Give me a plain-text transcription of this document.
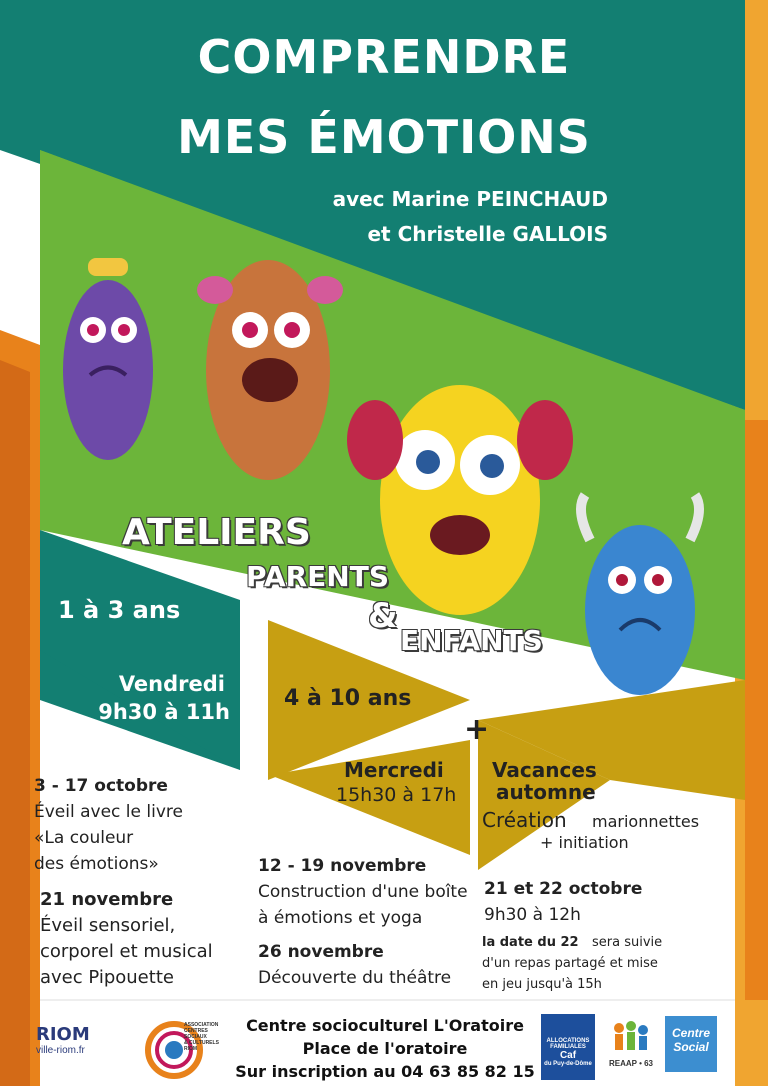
COMPRENDRE
MES ÉMOTIONS
avec Marine PEINCHAUD
et Christelle GALLOIS
ATELIERS
PARENTS
&
ENFANTS
1 à 3 ans
Vendredi
9h30 à 11h
3 - 17 octobre
Éveil avec le livre
«La couleur
des émotions»
21 novembre
Éveil sensoriel,
corporel et musical
avec Pipouette
4 à 10 ans
+
Mercredi
15h30 à 17h
12 - 19 novembre
Construction d'une boîte
à émotions et yoga
26 novembre
Découverte du théâtre
Vacances
automne
Création marionnettes
+ initiation
21 et 22 octobre
9h30 à 12h
la date du 22 sera suivie
d'un repas partagé et mise
en jeu jusqu'à 15h
Centre socioculturel L'Oratoire
Place de l'oratoire
Sur inscription au 04 63 85 82 15
RIOM
ville-riom.fr
ASSOCIATION
CENTRES
SOCIAUX
& CULTURELS
RIOM
ALLOCATIONS
FAMILIALES
Caf
du Puy-de-Dôme	REAAP • 63
Centre
Social
